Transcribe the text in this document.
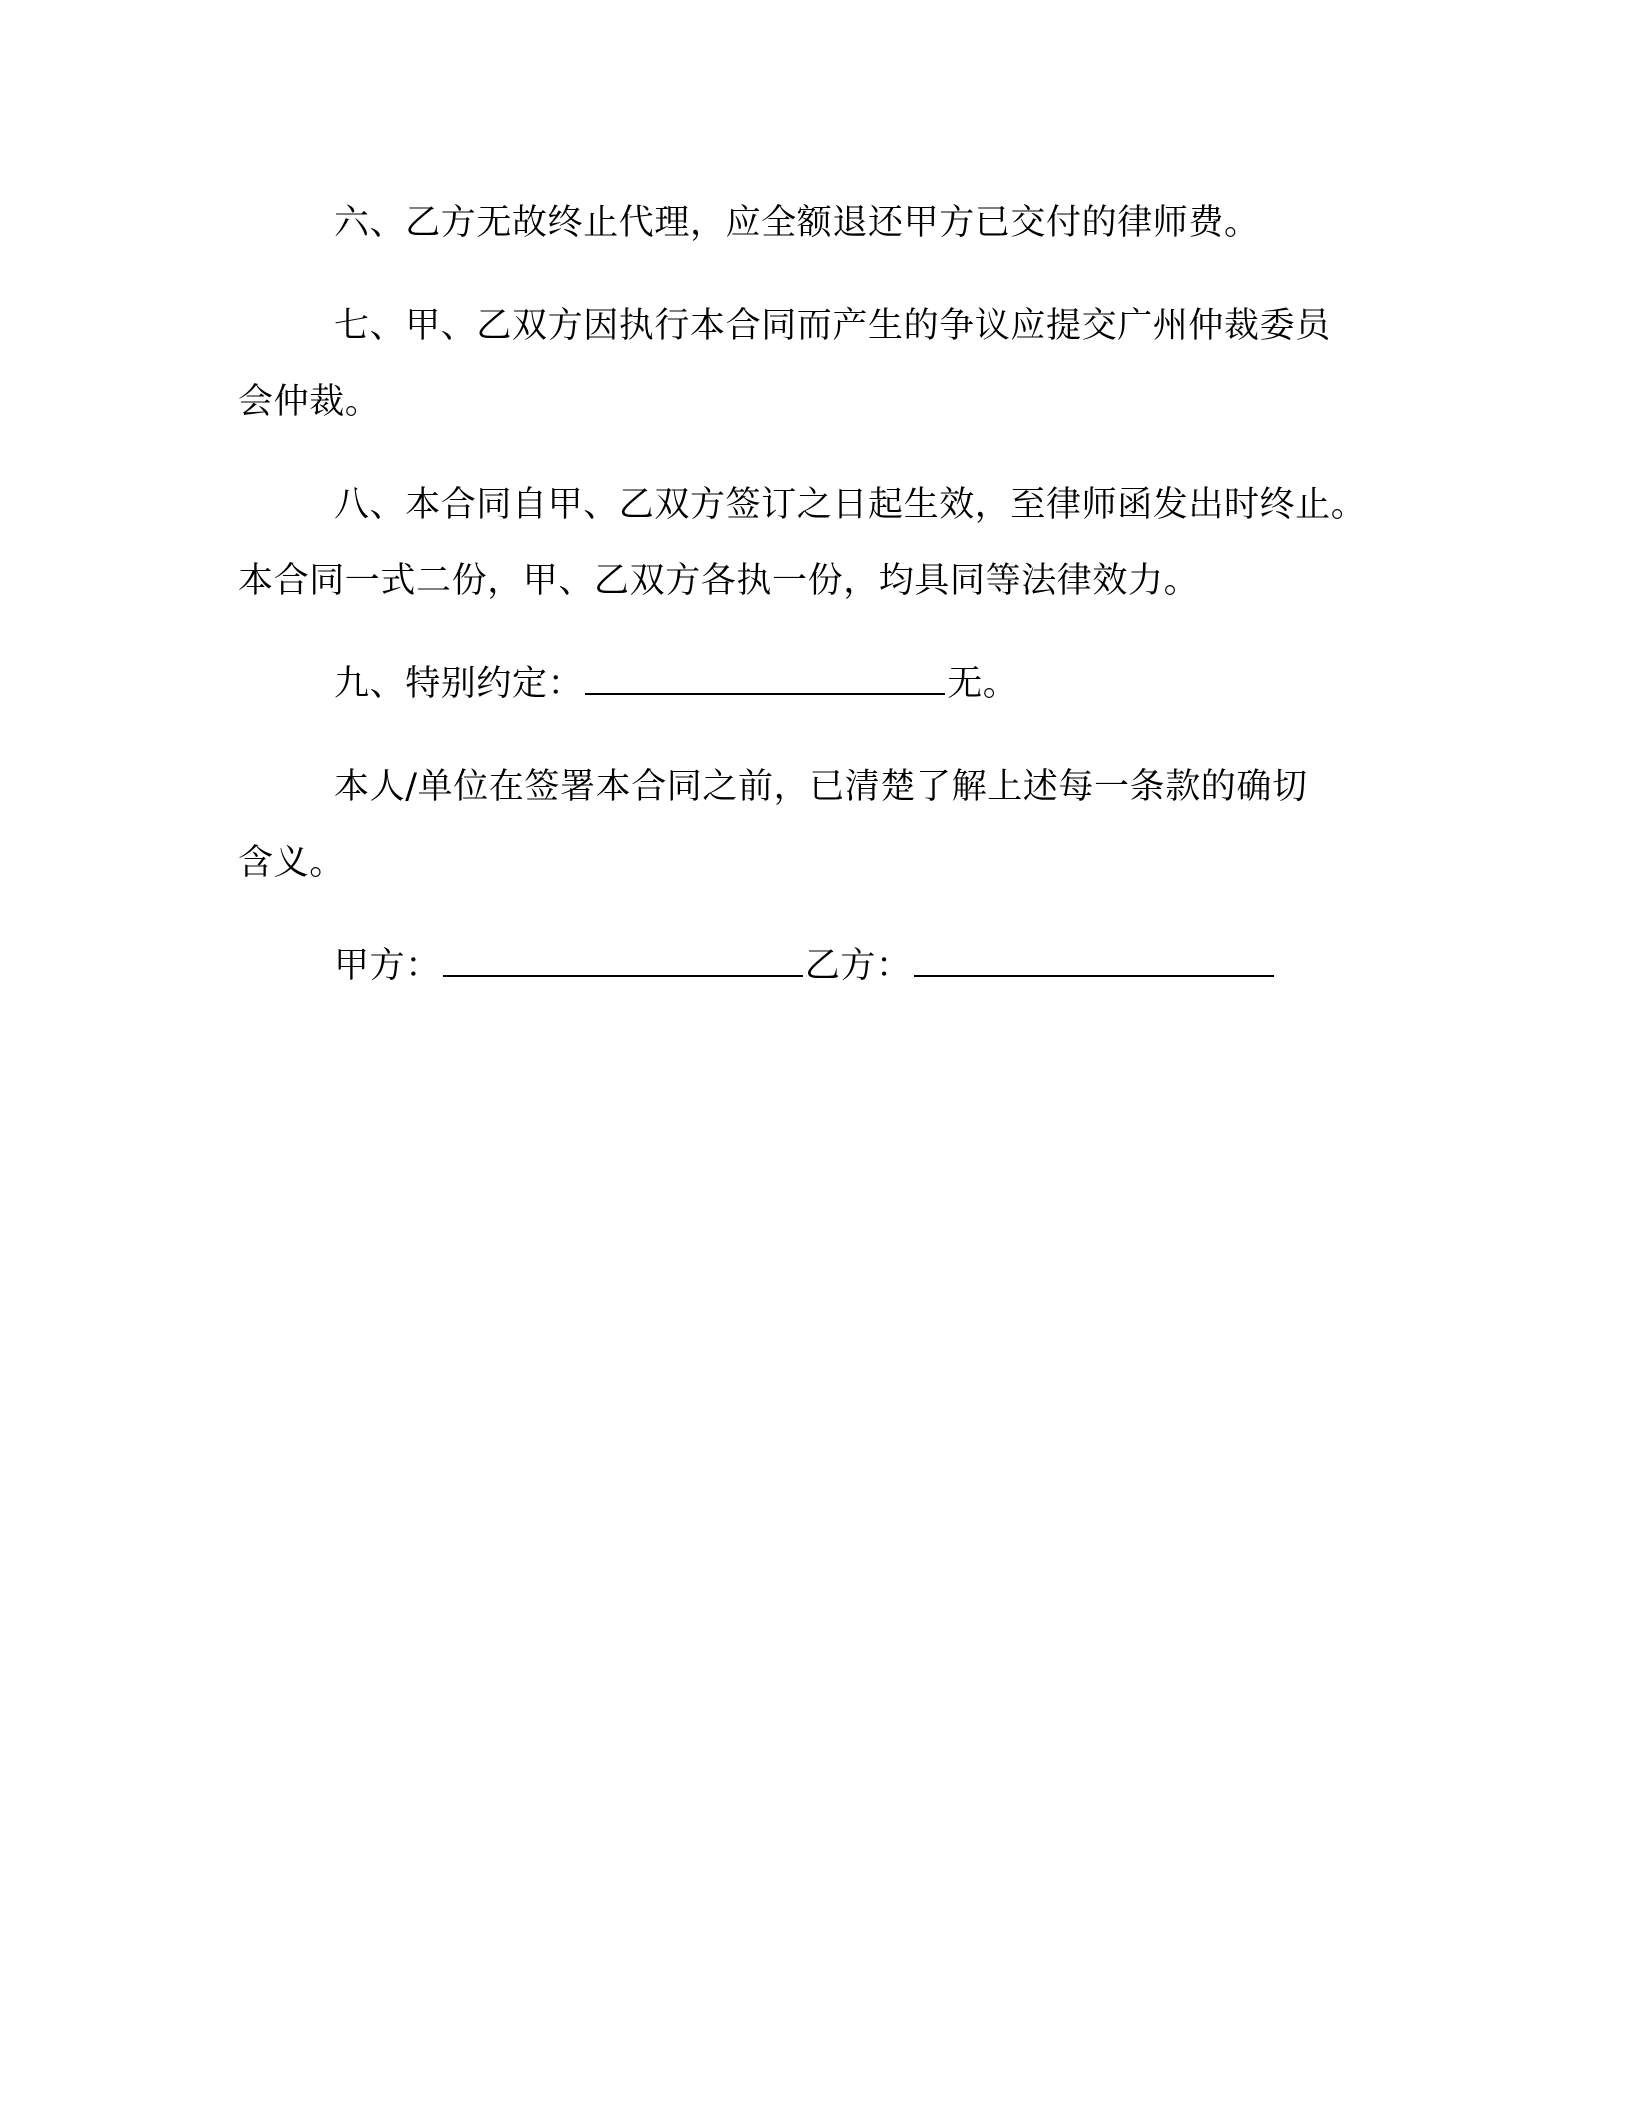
六、乙方无故终止代理，应全额退还甲方已交付的律师费。

七、甲、乙双方因执行本合同而产生的争议应提交广州仲裁委员
会仲裁。

八、本合同自甲、乙双方签订之日起生效，至律师函发出时终止。
本合同一式二份，甲、乙双方各执一份，均具同等法律效力。

九、特别约定：	无。

本人/单位在签署本合同之前，已清楚了解上述每一条款的确切
含义。

甲方：	乙方：
